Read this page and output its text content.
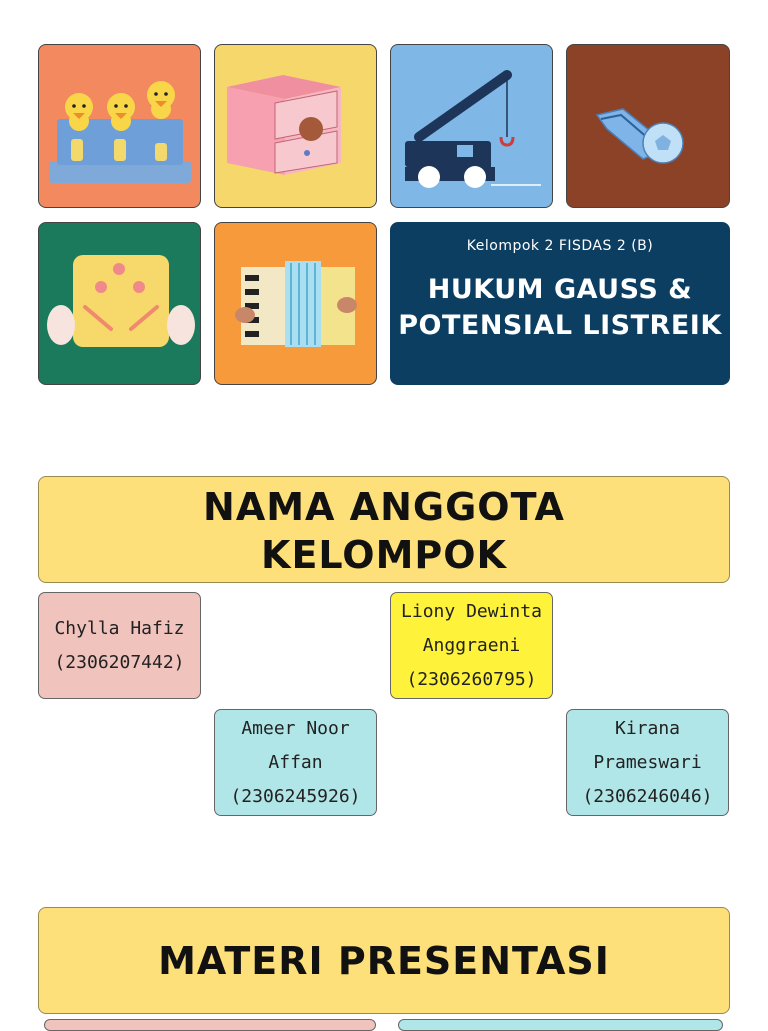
Kelompok 2 FISDAS 2 (B)
HUKUM GAUSS &
POTENSIAL LISTREIK
NAMA ANGGOTA
KELOMPOK
Chylla Hafiz
(2306207442)
Liony Dewinta
Anggraeni
(2306260795)
Ameer Noor
Affan
(2306245926)
Kirana
Prameswari
(2306246046)
MATERI PRESENTASI
